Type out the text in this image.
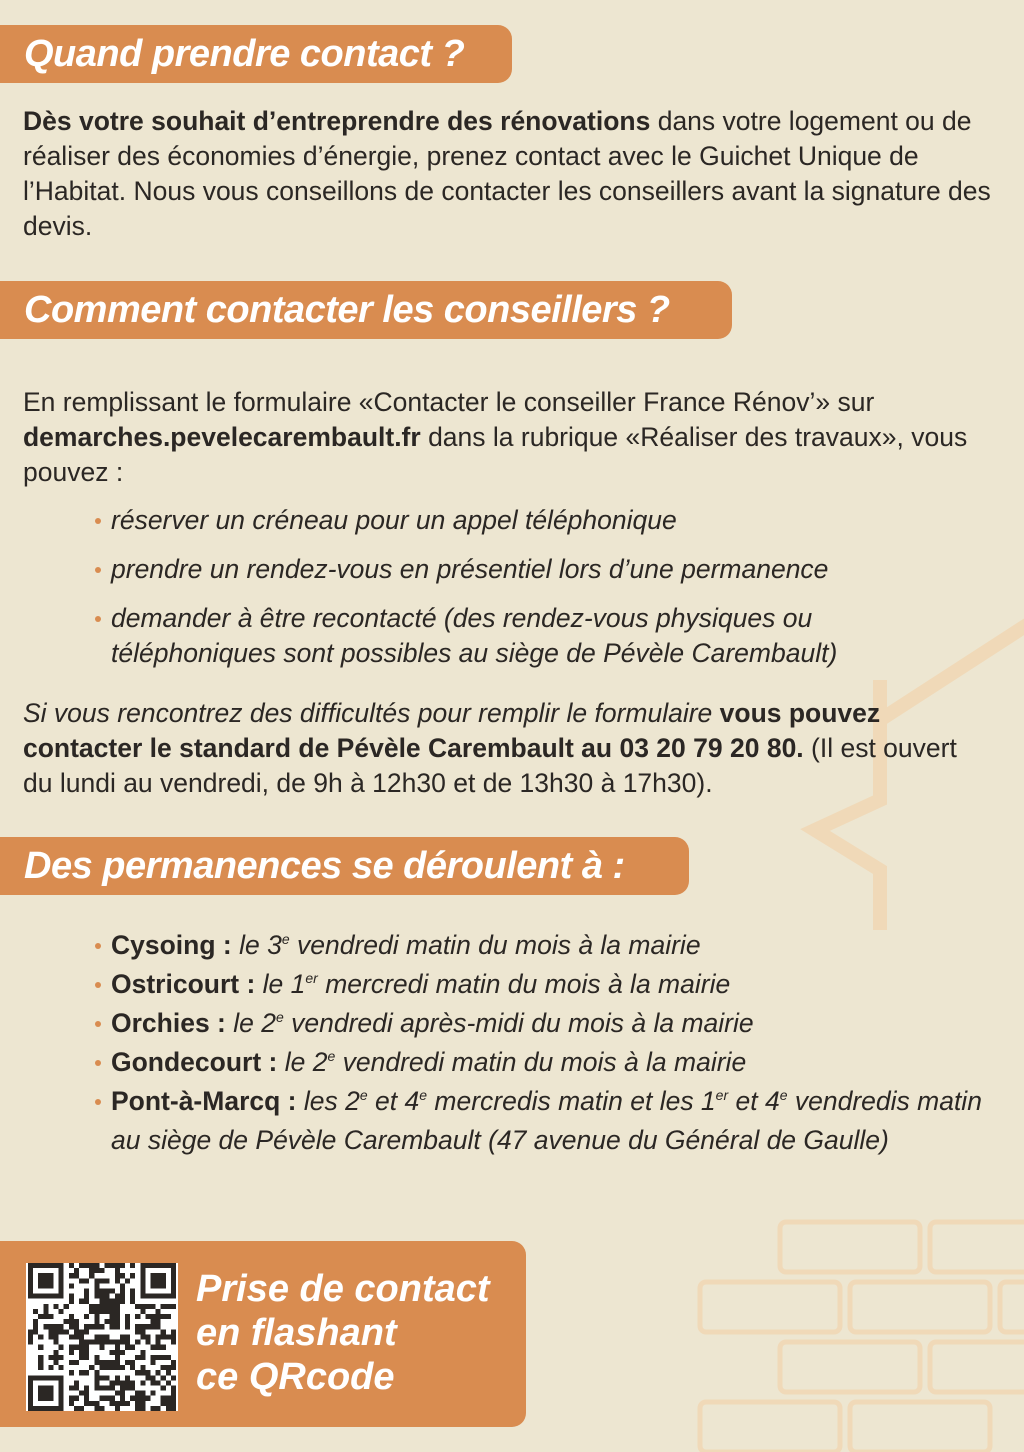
Quand prendre contact ?

Dès votre souhait d’entreprendre des rénovations dans votre logement ou de réaliser des économies d’énergie, prenez contact avec le Guichet Unique de l’Habitat. Nous vous conseillons de contacter les conseillers avant la signature des devis.

Comment contacter les conseillers ?

En remplissant le formulaire «Contacter le conseiller France Rénov’» sur demarches.pevelecarembault.fr dans la rubrique «Réaliser des travaux», vous pouvez :

réserver un créneau pour un appel téléphonique
prendre un rendez-vous en présentiel lors d’une permanence
demander à être recontacté (des rendez-vous physiques ou téléphoniques sont possibles au siège de Pévèle Carembault)

Si vous rencontrez des difficultés pour remplir le formulaire vous pouvez contacter le standard de Pévèle Carembault au 03 20 79 20 80. (Il est ouvert du lundi au vendredi, de 9h à 12h30 et de 13h30 à 17h30).

Des permanences se déroulent à :
Cysoing : le 3e vendredi matin du mois à la mairie
Ostricourt : le 1er mercredi matin du mois à la mairie
Orchies : le 2e vendredi après-midi du mois à la mairie
Gondecourt : le 2e vendredi matin du mois à la mairie
Pont-à-Marcq : les 2e et 4e mercredis matin et les 1er et 4e vendredis matin au siège de Pévèle Carembault (47 avenue du Général de Gaulle)

Prise de contact
en flashant
ce QRcode
